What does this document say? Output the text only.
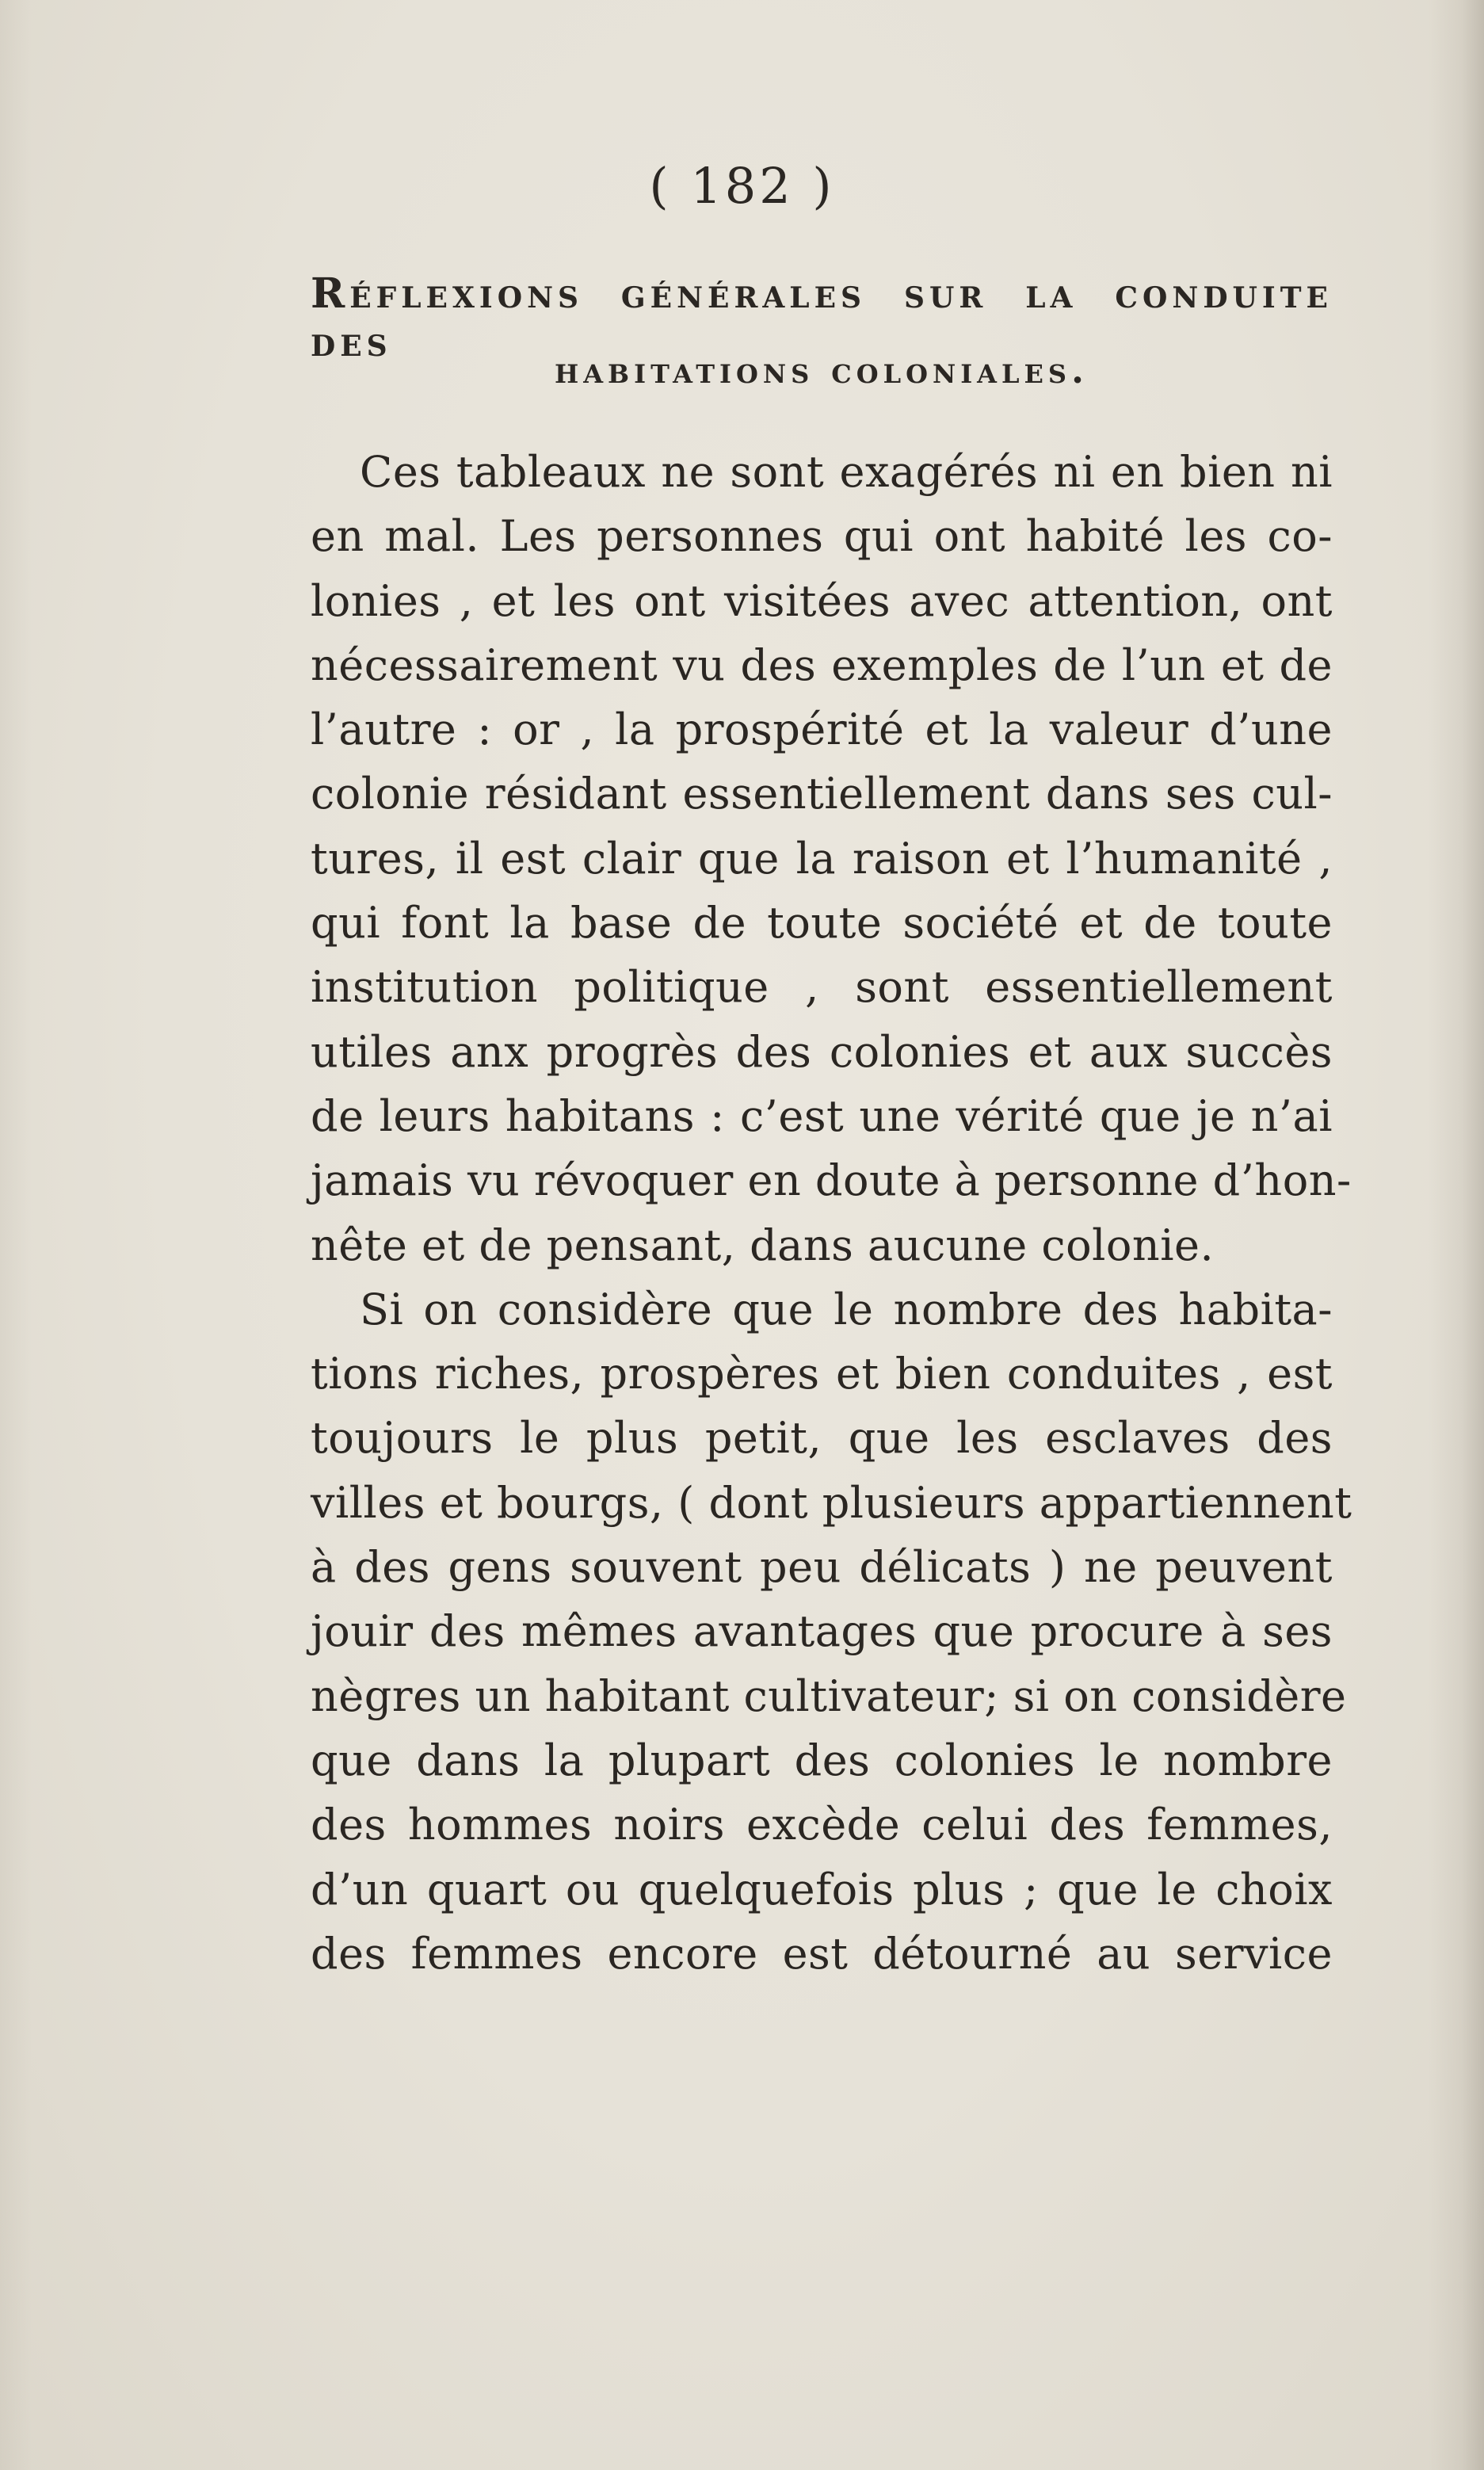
( 182 )
Réflexions générales sur la conduite des
habitations coloniales.
Ces tableaux ne sont exagérés ni en bien ni
en mal. Les personnes qui ont habité les co-
lonies , et les ont visitées avec attention, ont
nécessairement vu des exemples de l’un et de
l’autre : or , la prospérité et la valeur d’une
colonie résidant essentiellement dans ses cul-
tures, il est clair que la raison et l’humanité ,
qui font la base de toute société et de toute
institution politique , sont essentiellement
utiles anx progrès des colonies et aux succès
de leurs habitans : c’est une vérité que je n’ai
jamais vu révoquer en doute à personne d’hon-
nête et de pensant, dans aucune colonie.
Si on considère que le nombre des habita-
tions riches, prospères et bien conduites , est
toujours le plus petit, que les esclaves des
villes et bourgs, ( dont plusieurs appartiennent
à des gens souvent peu délicats ) ne peuvent
jouir des mêmes avantages que procure à ses
nègres un habitant cultivateur; si on considère
que dans la plupart des colonies le nombre
des hommes noirs excède celui des femmes,
d’un quart ou quelquefois plus ; que le choix
des femmes encore est détourné au service
